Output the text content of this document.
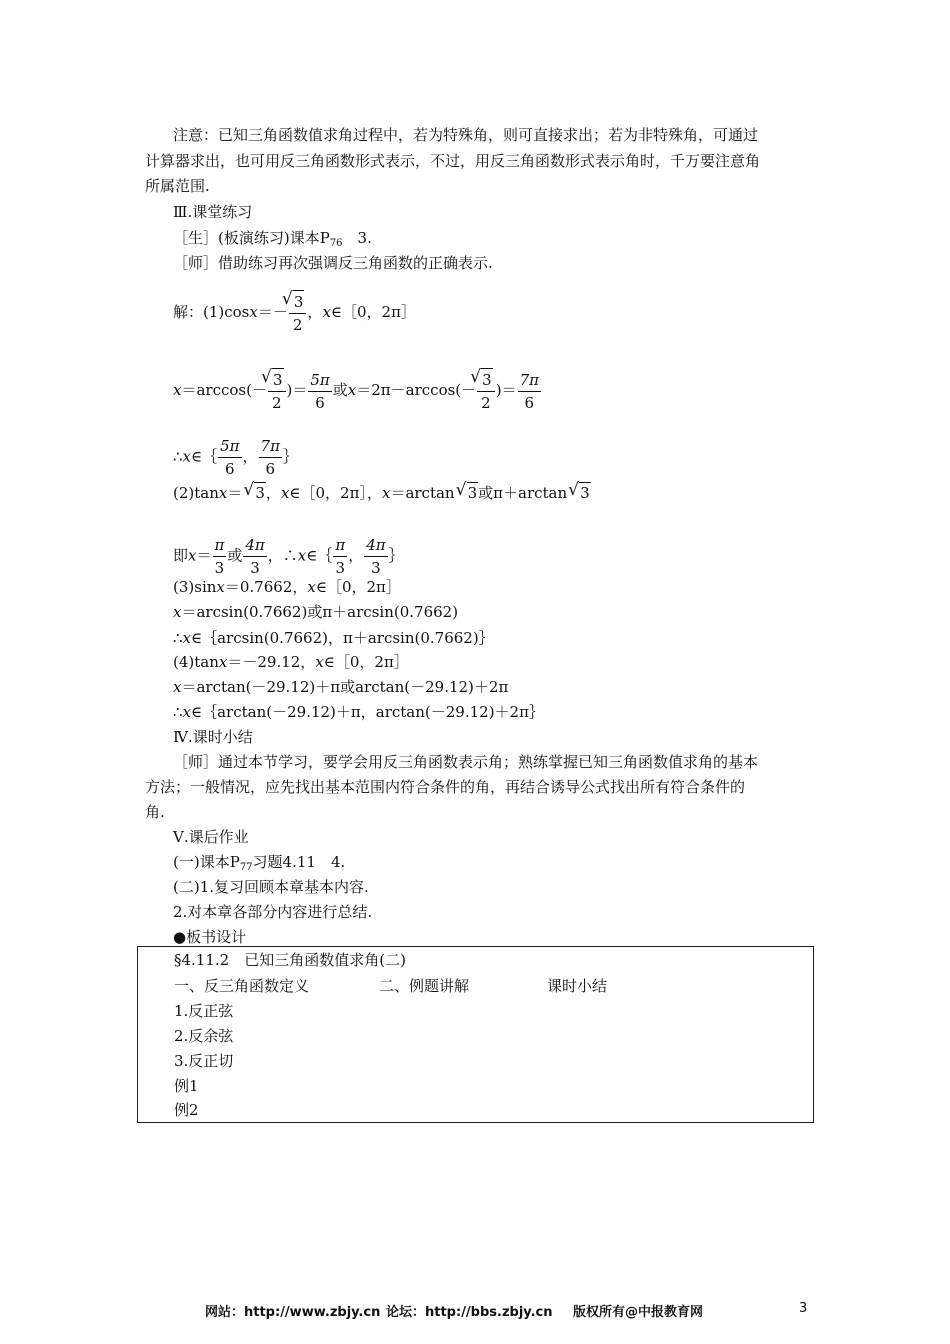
注意：已知三角函数值求角过程中，若为特殊角，则可直接求出；若为非特殊角，可通过
计算器求出，也可用反三角函数形式表示，不过，用反三角函数形式表示角时，千万要注意角
所属范围.
Ⅲ.课堂练习
［生］(板演练习)课本$P_{76}$　3.
［师］借助练习再次强调反三角函数的正确表示.
解：(1)cosx＝－ √ $\frac{3}{2}$ ，x∈［0，2π］
x＝arccos(－ √ $\frac{3}{2}$ )＝ $\frac{5\pi}{6}$ 或x＝2π－arccos(－ √ $\frac{3}{2}$ )＝ $\frac{7\pi}{6}$
∴x∈｛ $\frac{5\pi}{6}$ ， $\frac{7\pi}{6}$ ｝
(2)tanx＝ √ 3，x∈［0，2π］，x＝arctan √ 3或π＋arctan √ 3
即$x= \frac{\pi}{3}$ 或 $\frac{4\pi}{3}$ ，∴x∈｛ $\frac{\pi}{3}$ ， $\frac{4\pi}{3}$ ｝
(3)sinx＝0.7662，x∈［0，2π］
x＝arcsin(0.7662)或π＋arcsin(0.7662)
∴x∈｛arcsin(0.7662)，π＋arcsin(0.7662)｝
(4)tanx＝－29.12，x∈［0，2π］
x＝arctan(－29.12)＋π或arctan(－29.12)＋2π
∴x∈｛arctan(－29.12)＋π，arctan(－29.12)＋2π｝
Ⅳ.课时小结
［师］通过本节学习，要学会用反三角函数表示角；熟练掌握已知三角函数值求角的基本
方法；一般情况，应先找出基本范围内符合条件的角，再结合诱导公式找出所有符合条件的
角.
Ⅴ.课后作业
(一)课本$P_{77}$习题4.11　4.
(二)1.复习回顾本章基本内容.
2.对本章各部分内容进行总结.
●板书设计
§4.11.2　已知三角函数值求角(二)
一、反三角函数定义	二、例题讲解	课时小结
1.反正弦
2.反余弦
3.反正切
例1
例2
网站：http://www.zbjy.cn 论坛：http://bbs.zbjy.cn 版权所有@中报教育网	3
